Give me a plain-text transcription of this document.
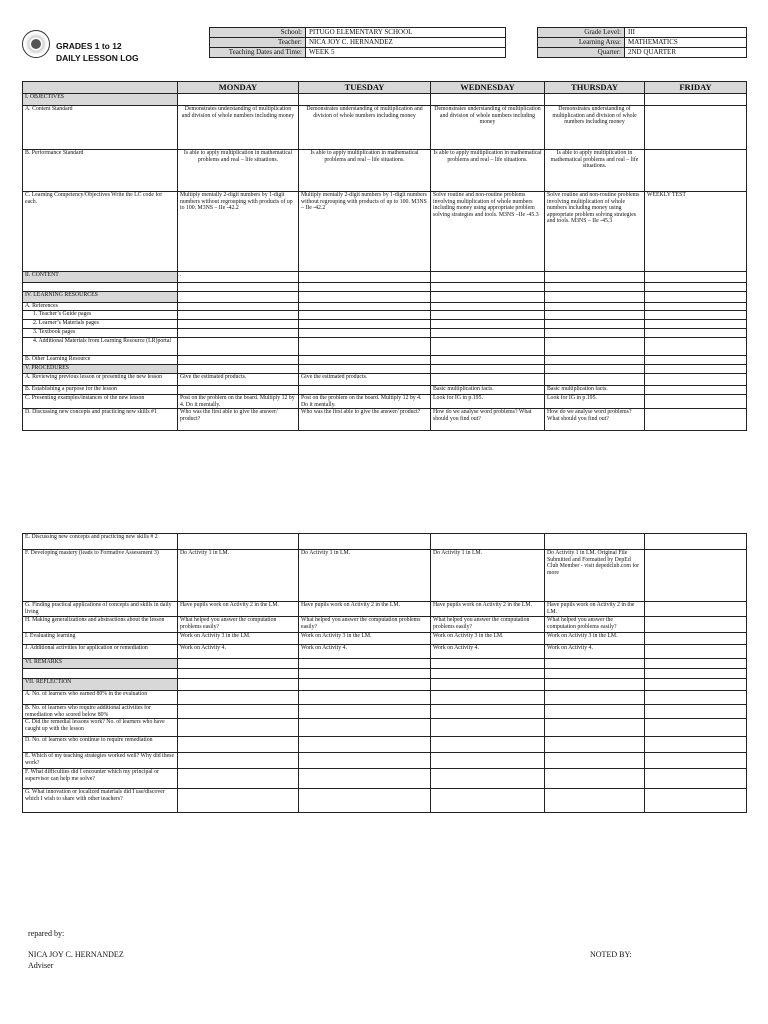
GRADES 1 to 12
DAILY LESSON LOG
School:	PITUGO ELEMENTARY SCHOOL		Grade Level:	III
Teacher:	NICA JOY C. HERNANDEZ		Learning Area:	MATHEMATICS
Teaching Dates and Time:	WEEK 5		Quarter:	2ND QUARTER
	MONDAY	TUESDAY	WEDNESDAY	THURSDAY	FRIDAY
I. OBJECTIVES					
A. Content Standard	Demonstrates understanding of multiplication and division of whole numbers including money	Demonstrates understanding of multiplication and division of whole numbers including money	Demonstrates understanding of multiplication and division of whole numbers including money	Demonstrates understanding of multiplication and division of whole numbers including money	
B. Performance Standard	Is able to apply multiplication in mathematical problems and real – life situations.	Is able to apply multiplication in mathematical problems and real – life situations.	Is able to apply multiplication in mathematical problems and real – life situations.	Is able to apply multiplication in mathematical problems and real – life situations.	
C. Learning Competency/Objectives Write the LC code for each.	Multiply mentally 2-digit numbers by 1-digit numbers without regrouping with products of up to 100. M3NS – IIe -42.2	Multiply mentally 2-digit numbers by 1-digit numbers without regrouping with products of up to 100. M3NS – IIe -42.2	Solve routine and non-routine problems involving multiplication of whole numbers including money using appropriate problem solving strategies and tools. M3NS –IIe -45.3	Solve routine and non-routine problems involving multiplication of whole numbers including money using appropriate problem solving strategies and tools. M3NS – IIe -45.3	WEEKLY TEST
II. CONTENT	.				

IV. LEARNING RESOURCES					
A. References					
1. Teacher’s Guide pages					
2. Learner’s Materials pages					
3. Textbook pages					
4. Additional Materials from Learning Resource (LR)portal					
B. Other Learning Resource					
V. PROCEDURES					
A. Reviewing previous lesson or presenting the new lesson	Give the estimated products.	Give the estimated products.			
B. Establishing a purpose for the lesson			Basic multiplication facts.	Basic multiplication facts.	
C. Presenting examples/instances of the new lesson	Post on the problem on the board. Multiply 12 by 4. Do it mentally.	Post on the problem on the board. Multiply 12 by 4. Do it mentally.	Look for IG in p.195.	Look for IG in p.195.	
D. Discussing new concepts and practicing new skills #1	Who was the first able to give the answer/ product?	Who was the first able to give the answer/ product?	How do we analyse word problems? What should you find out?	How do we analyse word problems? What should you find out?	
E. Discussing new concepts and practicing new skills # 2					
F. Developing mastery (leads to Formative Assessment 3)	Do Activity 1 in LM.	Do Activity 1 in LM.	Do Activity 1 in LM.	Do Activity 1 in LM. Original File Submitted and Formatted by DepEd Club Member - visit depedclub.com for more	
G. Finding practical applications of concepts and skills in daily living	Have pupils work on Activity 2 in the LM.	Have pupils work on Activity 2 in the LM.	Have pupils work on Activity 2 in the LM.	Have pupils work on Activity 2 in the LM.	
H. Making generalizations and abstractions about the lesson	What helped you answer the computation problems easily?	What helped you answer the computation problems easily?	What helped you answer the computation problems easily?	What helped you answer the computation problems easily?	
I. Evaluating learning	Work on Activity 3 in the LM.	Work on Activity 3 in the LM.	Work on Activity 3 in the LM.	Work on Activity 3 in the LM.	
J. Additional activities for application or remediation	Work on Activity 4.	Work on Activity 4.	Work on Activity 4.	Work on Activity 4.	
VI. REMARKS					

VII. REFLECTION					
A. No. of learners who earned 80% in the evaluation					
B. No. of learners who require additional activities for remediation who scored below 80%					
C. Did the remedial lessons work? No. of learners who have caught up with the lesson					
D. No. of learners who continue to require remediation					
E. Which of my teaching strategies worked well? Why did these work?					
F. What difficulties did I encounter which my principal or supervisor can help me solve?					
G. What innovation or localized materials did I use/discover which I wish to share with other teachers?					
repared by:
NICA JOY C. HERNANDEZ
Adviser
NOTED BY:
